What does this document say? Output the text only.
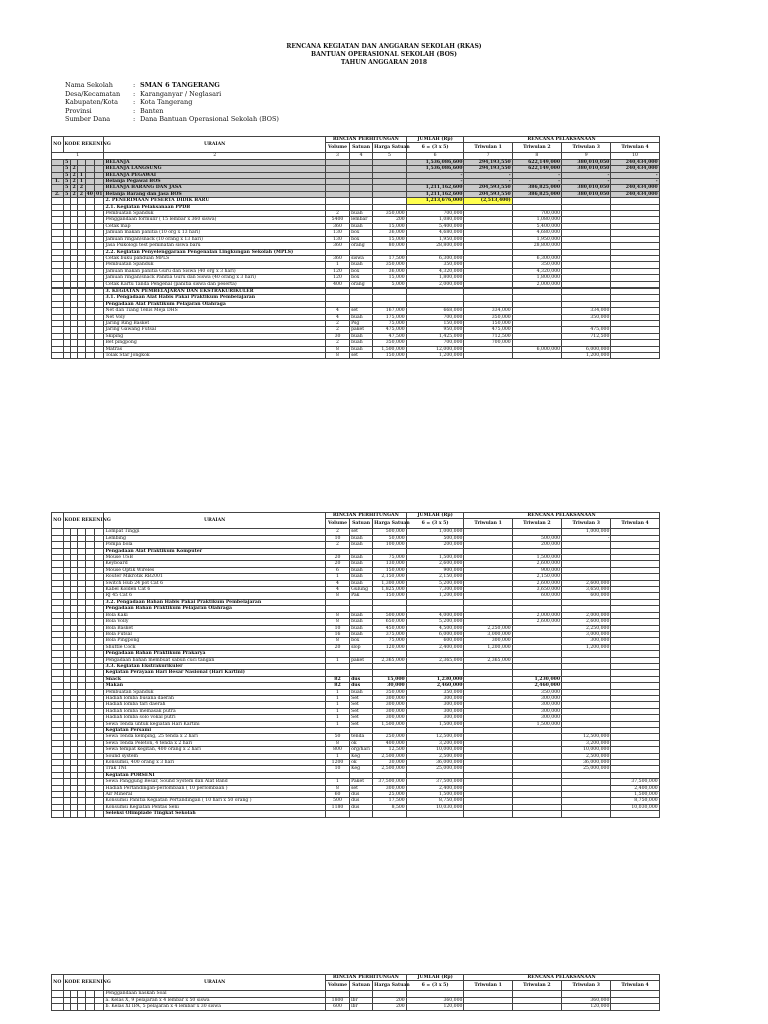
RENCANA KEGIATAN DAN ANGGARAN SEKOLAH (RKAS)
BANTUAN OPERASIONAL SEKOLAH (BOS)
TAHUN ANGGARAN 2018
Nama Sekolah	: SMAN 6 TANGERANG
Desa/Kecamatan	: Karanganyar / Neglasari
Kabupaten/Kota	: Kota Tangerang
Provinsi	: Banten
Sumber Dana	: Dana Bantuan Operasional Sekolah (BOS)
NO	KODE REKENING					URAIAN	RINCIAN PERHITUNGAN			JUMLAH (Rp)	RENCANA PELAKSANAAN			
							Volume	Satuan	Harga Satuan	6 = (3 x 5)	Triwulan 1	Triwulan 2	Triwulan 3	Triwulan 4
1						2	3	4	5	6	7	8	9	10
	5					BELANJA				1,536,086,600	294,193,550	622,149,000	380,010,050	240,434,000
	5	2				BELANJA LANGSUNG				1,536,086,600	294,193,550	622,149,000	380,010,050	240,434,000
	5	2	1			BELANJA PEGAWAI				-	-	-	-	-
1.	5	2	1			Belanja Pegawai BOS				-	-	-	-	-
	5	2	2			BELANJA BARANG DAN JASA				1,211,162,600	204,593,550	386,825,000	380,010,050	240,434,000
2.	5	2	2	40	01	Belanja Barang dan Jasa BOS				1,211,162,600	204,593,550	386,825,000	380,010,050	240,434,000
						2. PENERIMAAN PESERTA DIDIK BARU				1,213,676,000	(2,513,400)			
						2.1. Kegiatan Pelaksanaan PPDB								
						Pembuatan Spanduk	2	buah	350,000	700,000		700,000		
						Penggandaan formulir ( 15 lembar x 360 siswa)	5400	lembar	200	1,080,000		1,080,000		
						Cetak map	360	buah	15,000	5,400,000		5,400,000		
						Jamuan makan panitia (10 org x 13 hari)	130	box	36,000	4,680,000		4,680,000		
						Jamuan ringan/snack (10 orang x 13 hari)	130	box	15,000	1,950,000		1,950,000		
						Jasa Psikologi test peminatan siswa baru	360	orang	80,000	28,800,000		28,800,000		
						2.2. Kegiatan Penyelenggaraan Pengenalan Lingkungan Sekolah (MPLS)								
						Cetak buku panduan MPLS	360	siswa	17,500	6,300,000		6,300,000		
						Pembuatan Spanduk	1	buah	350,000	350,000		350,000		
						Jamuan makan panitia Guru dan Siswa (40 org x 3 hari)	120	box	36,000	4,320,000		4,320,000		
						Jamuan ringan/snack Panitia Guru dan Siswa (40 orang x 3 hari)	120	box	15,000	1,800,000		1,800,000		
						Cetak Kartu Tanda Pengenal (panitia siswa dan peserta)	400	orang	5,000	2,000,000		2,000,000		

						3. KEGIATAN PEMBELAJARAN DAN EKSTRAKURIKULER								
						3.1. Pengadaan Alat Habis Pakai Praktikum Pembelajaran								
						Pengadaan Alat Praktikum Pelajaran Olahraga								
						Net dan Tiang Tenis Meja DHS	4	set	167,000	668,000	334,000		334,000	
						Net Voly	4	buah	175,000	700,000	350,000		350,000	
						Jaring Ring Basket	2	Psg	75,000	150,000	150,000			
						Jaring Gawang Futsal	2	paket	475,000	950,000	475,000		475,000	
						Skiping	30	buah	47,500	1,425,000	712,500		712,500	
						Bet pingpong	2	buah	350,000	700,000	700,000			
						Matras	8	buah	1,500,000	12,000,000		6,000,000	6,000,000	
						Tolak Star Jongkok	8	set	150,000	1,200,000			1,200,000	
NO	KODE REKENING					URAIAN	RINCIAN PERHITUNGAN			JUMLAH (Rp)	RENCANA PELAKSANAAN			
							Volume	Satuan	Harga Satuan	6 = (3 x 5)	Triwulan 1	Triwulan 2	Triwulan 3	Triwulan 4
						Lompat Tinggi	2	set	500,000	1,000,000			1,000,000	
						Lembing	10	buah	50,000	500,000		500,000	-	
						Pompa bola	2	buah	100,000	200,000		200,000		
						Pengadaan Alat Praktikum Komputer								
						Mouse USB	20	buah	75,000	1,500,000		1,500,000		
						Keyboard	20	buah	130,000	2,600,000		2,600,000		
						Mouse Optik Wireles	6	buah	150,000	900,000		900,000		
						Router Mikrotik RB2001	1	buah	2,150,000	2,150,000		2,150,000		
						Switch Hub 24 pot Cat 6	4	buah	1,300,000	5,200,000		2,600,000	2,600,000	
						Kabel Kolden Cat 6	4	Gulung	1,825,000	7,300,000		3,650,000	3,650,000	
						RJ 45 Cat 6	8	Pak	150,000	1,200,000		600,000	600,000	
						3.2. Pengadaan Bahan Habis Pakai Praktikum Pembelajaran								
						Pengadaan Bahan Praktikum Pelajaran Olahraga								
						Bola Kaki	8	buah	500,000	4,000,000		2,000,000	2,000,000	
						Bola Volly	8	buah	650,000	5,200,000		2,600,000	2,600,000	
						Bola Basket	10	buah	450,000	4,500,000	2,250,000		2,250,000	
						Bola Futsal	16	buah	375,000	6,000,000	3,000,000		3,000,000	
						Bola Pingpong	8	box	75,000	600,000	300,000		300,000	
						Shuttle Cock	20	slop	120,000	2,400,000	1,200,000		1,200,000	
						Pengadaan Bahan Praktikum Prakarya								
						Pengadaan bahan membuat sabun cuci tangan	1	paket	2,365,000	2,365,000	2,365,000			
						3.3. Kegiatan Ekstrakurikuler								
						Kegiatan Perayaan Hari Besar Nasional (Hari Kartini)								
						Snack	82	dus	15,000	1,230,000		1,230,000		
						Makan	82	dus	30,000	2,460,000		2,460,000		
						Pembuatan Spanduk	1	buah	350,000	350,000		350,000		
						Hadiah lomba busana daerah	1	Set	300,000	300,000		300,000		
						Hadiah lomba tari daerah	1	Set	300,000	300,000		300,000		
						Hadiah lomba memasak putra	1	Set	300,000	300,000		300,000		
						Hadiah lomba solo vokal putri	1	Set	300,000	300,000		300,000		
						Sewa Tenda untuk kegiatan Hari Kartini	1	Set	1,500,000	1,500,000		1,500,000		
						Kegiatan Persami								
						Sewa Tenda kemping, 25 tenda x 2 hari	50	tenda	250,000	12,500,000			12,500,000	
						Sewa Tenda Peleton, 4 tenda x 2 hari	8	ok	400,000	3,200,000			3,200,000	
						Sewa tempat kegitan, 400 orang x 2 hari	800	org/hari	12,500	10,000,000			10,000,000	
						Sound system	1	Keg	2,500,000	2,500,000			2,500,000	
						Konsumsi, 400 orang x 3 hari	1200	ok	30,000	36,000,000			36,000,000	
						Trak TNI	10	Keg	2,500,000	25,000,000			25,000,000	
						Kegiatan PORSENI								
						Sewa Panggung Besar, Sound System dan Alat Band	1	Paket	37,500,000	37,500,000				37,500,000
						Hadiah Pertandingan-perlombaan ( 10 perlombaan )	8	set	300,000	2,400,000				2,400,000
						Air Mineral	60	dus	25,000	1,500,000				1,500,000
						Konsumsi Panitia Kegiatan Pertandingan ( 10 hari x 50 orang )	500	dus	17,500	8,750,000				8,750,000
						Konsumsi Kegiatan Pentas Seni	1180	dus	8,500	10,030,000				10,030,000
						Seleksi Olimpiade Tingkat Sekolah								
NO	KODE REKENING					URAIAN	RINCIAN PERHITUNGAN			JUMLAH (Rp)	RENCANA PELAKSANAAN			
							Volume	Satuan	Harga Satuan	6 = (3 x 5)	Triwulan 1	Triwulan 2	Triwulan 3	Triwulan 4
						Penggandaan naskah Soal								
						a. Kelas X, 9 pelajaran x 4 lembar x 50 siswa	1800	lbr	200	360,000			360,000	
						b. Kelas XI IPA, 5 pelajaran x 4 lembar x 30 siswa	600	lbr	200	120,000			120,000	
